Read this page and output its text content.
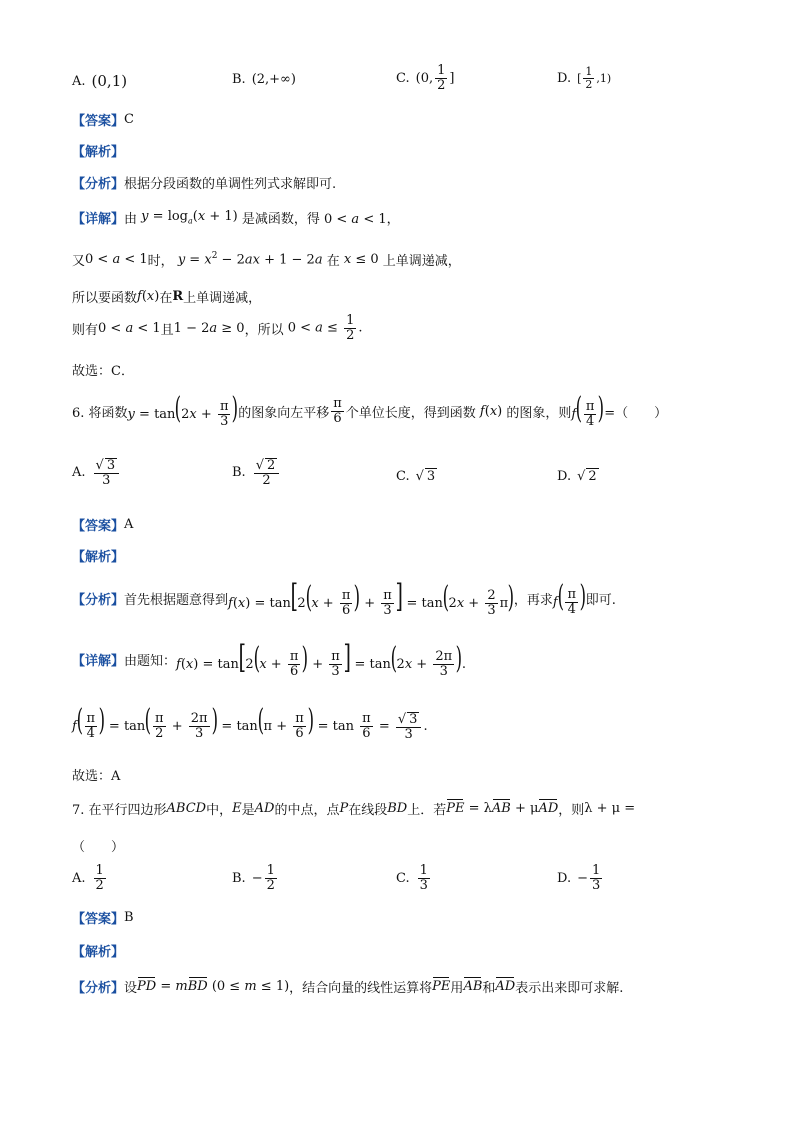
A. (0,1)	B. (2,+∞)	C. (0, $\frac{1}{2}$ ]	D. [ $\frac{1}{2} ,1$)
【答案】 C
【解析】
【分析】 根据分段函数的单调性列式求解即可.
【详解】 由 $y = \log_a(x + 1)$ 是减函数，得 0 < a < 1，
又 0 < a < 1 时， $y = x^2 - 2ax + 1 - 2a$ 在 x ≤ 0 上单调递减，
所以要函数 f(x) 在 R 上单调递减，
则有 0 < a < 1 且 1 − 2a ≥ 0 ，所以 $0 < a \le \frac{1}{2}$ .
故选：C．
6. 将函数 $y = \tan(2x + \frac{\pi}{3}$ ) 的图象向左平移 $\frac{\pi}{6}$ 个单位长度，得到函数 f(x) 的图象，则 $f( \frac{\pi}{4}$ ) =（　　）
A. $\frac{√ 3}{3}$	B. $\frac{√ 2}{2}$	C. √ 3	D. √ 2
【答案】 A
【解析】
【分析】 首先根据题意得到 $f(x) = \tan[2(x + \frac{\pi}{6}$ ) + $\frac{\pi}{3}$ ] = $\tan(2x + \frac{2}{3} \pi)$ ，再求 $f( \frac{\pi}{4}$ ) 即可.
【详解】 由题知： $f(x) = \tan[2(x + \frac{\pi}{6}$ ) + $\frac{\pi}{3}$ ] = $\tan(2x + \frac{2\pi}{3}$ ).
$f( \frac{\pi}{4}$ ) = $\tan( \frac{\pi}{2} + \frac{2\pi}{3}$ ) = $\tan(\pi + \frac{\pi}{6}$ ) = $\tan \frac{\pi}{6} = \frac{√ 3}{3}$ .
故选：A
7. 在平行四边形 ABCD 中， E 是 AD 的中点，点 P 在线段 BD 上．若 PE = λAB + μAD ，则 λ + μ =
（　　）
A. $\frac{1}{2}$	B. − $\frac{1}{2}$	C. $\frac{1}{3}$	D. − $\frac{1}{3}$
【答案】 B
【解析】
【分析】 设 PD = mBD (0 ≤ m ≤ 1) ，结合向量的线性运算将 PE 用 AB 和 AD 表示出来即可求解.
